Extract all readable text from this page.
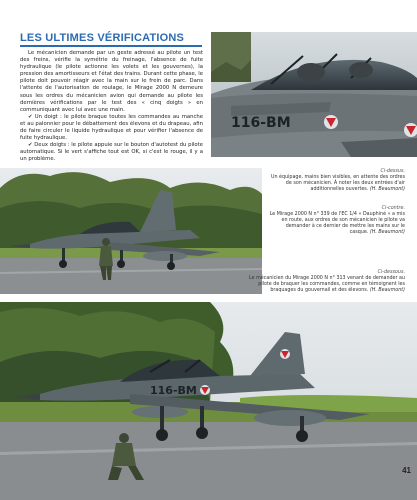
LES ULTIMES VÉRIFICATIONS

Le mécanicien demande par un geste adressé au pilote un test des freins, vérifie la symétrie du freinage, l'absence de fuite hydraulique (le pilote actionne les volets et les gouvernes), la pression des amortisseurs et l'état des trains. Durant cette phase, le pilote doit pouvoir réagir avec la main sur le frein de parc. Dans l'attente de l'autorisation de roulage, le Mirage 2000 N demeure sous les ordres du mécanicien avion qui demande au pilote les dernières vérifications par le test des « cinq doigts » en communiquant avec lui avec une main.

✔ Un doigt : le pilote braque toutes les commandes au manche et au palonnier pour le débattement des élevons et du drapeau, afin de faire circuler le liquide hydraulique et pour vérifier l'absence de fuite hydraulique.

✔ Deux doigts : le pilote appuie sur le bouton d'autotest du pilote automatique. Si le vert s'affiche tout est OK, si c'est le rouge, il y a un problème.

116-BM
116-BM
Ci-dessus.
Un équipage, mains bien visibles, en attente des ordres de son mécanicien. À noter les deux entrées d'air additionnelles ouvertes. (H. Beaumont)
Ci-contre.
Le Mirage 2000 N n° 339 de l'EC 1/4 « Dauphiné » a mis en route, aux ordres de son mécanicien le pilote va demander à ce dernier de mettre les mains sur le casque. (H. Beaumont)
Ci-dessous.
Le mécanicien du Mirage 2000 N n° 313 venant de demander au pilote de braquer les commandes, comme en témoignent les braquages du gouvernail et des élevons. (H. Beaumont)
41
